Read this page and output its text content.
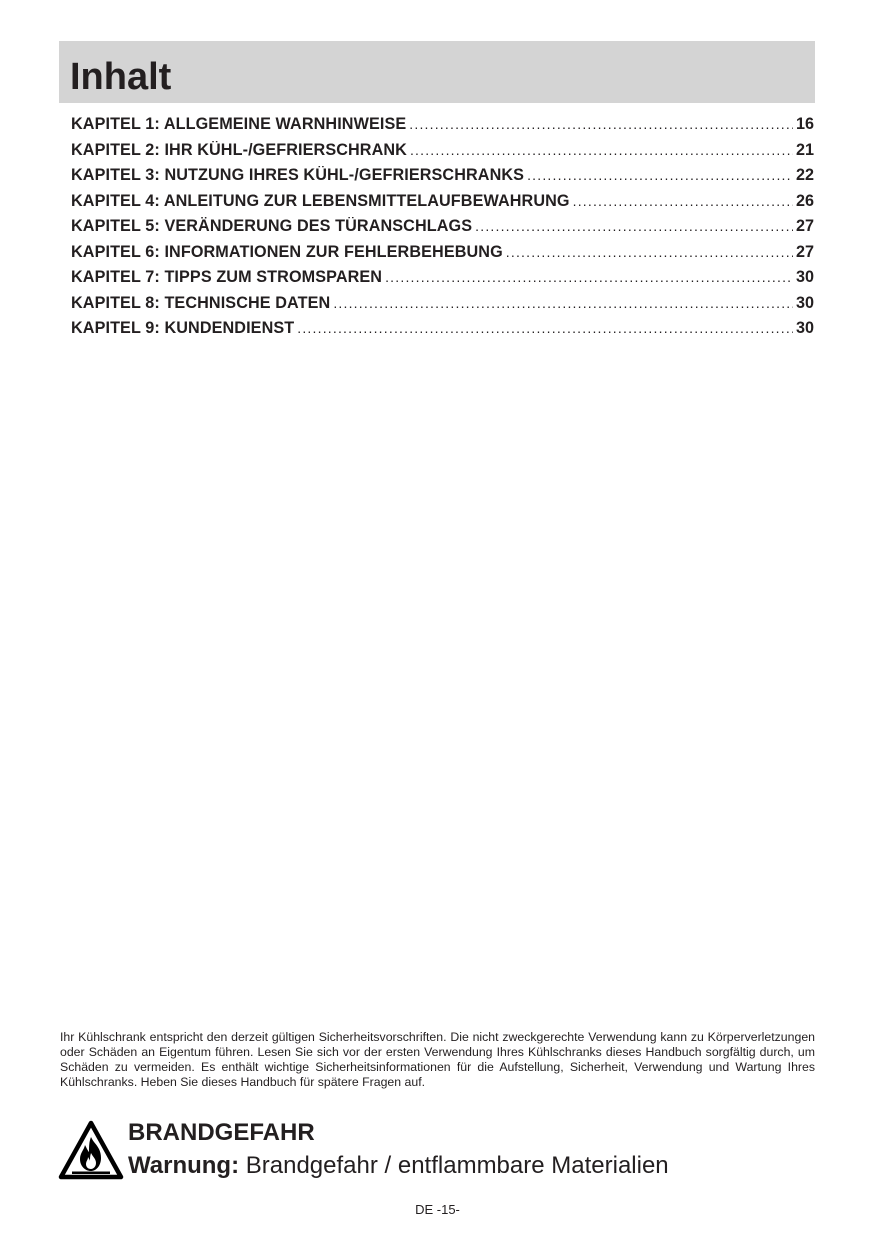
Inhalt
KAPITEL 1: ALLGEMEINE WARNHINWEISE .....	16
KAPITEL 2: IHR KÜHL-/GEFRIERSCHRANK .....	21
KAPITEL 3: NUTZUNG IHRES KÜHL-/GEFRIERSCHRANKS .....	22
KAPITEL 4: ANLEITUNG ZUR LEBENSMITTELAUFBEWAHRUNG .....	26
KAPITEL 5: VERÄNDERUNG DES TÜRANSCHLAGS .....	27
KAPITEL 6: INFORMATIONEN ZUR FEHLERBEHEBUNG .....	27
KAPITEL 7: TIPPS ZUM STROMSPAREN .....	30
KAPITEL 8: TECHNISCHE DATEN .....	30
KAPITEL 9: KUNDENDIENST .....	30

Ihr Kühlschrank entspricht den derzeit gültigen Sicherheitsvorschriften. Die nicht zweckgerechte Verwendung kann zu Körperverletzungen oder Schäden an Eigentum führen. Lesen Sie sich vor der ersten Verwendung Ihres Kühlschranks dieses Handbuch sorgfältig durch, um Schäden zu vermeiden. Es enthält wichtige Sicherheitsinformationen für die Aufstellung, Sicherheit, Verwendung und Wartung Ihres Kühlschranks. Heben Sie dieses Handbuch für spätere Fragen auf.

BRANDGEFAHR

Warnung: Brandgefahr / entflammbare Materialien

DE -15-
